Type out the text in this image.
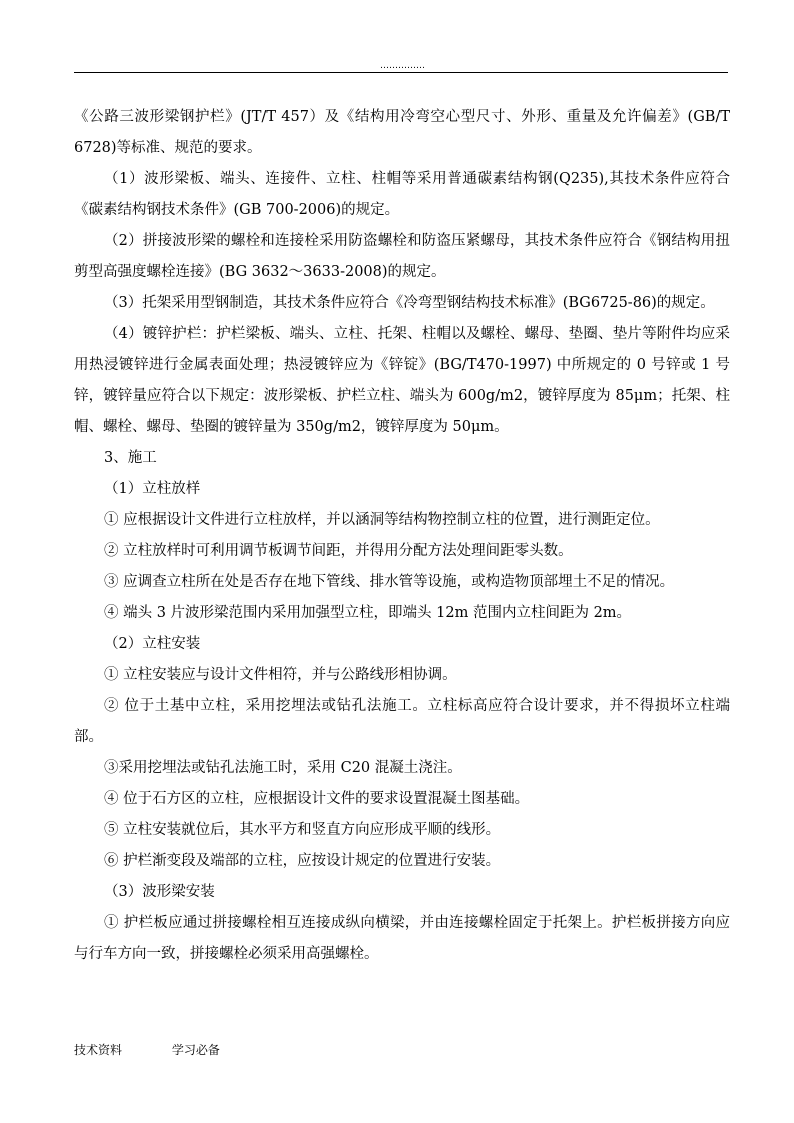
……………

《公路三波形梁钢护栏》(JT/T 457）及《结构用冷弯空心型尺寸、外形、重量及允许偏差》(GB/T 6728)等标准、规范的要求。

（1）波形梁板、端头、连接件、立柱、柱帽等采用普通碳素结构钢(Q235),其技术条件应符合《碳素结构钢技术条件》(GB 700-2006)的规定。

（2）拼接波形梁的螺栓和连接栓采用防盗螺栓和防盗压紧螺母，其技术条件应符合《钢结构用扭剪型高强度螺栓连接》(BG 3632～3633-2008)的规定。

（3）托架采用型钢制造，其技术条件应符合《冷弯型钢结构技术标准》(BG6725-86)的规定。

（4）镀锌护栏：护栏梁板、端头、立柱、托架、柱帽以及螺栓、螺母、垫圈、垫片等附件均应采用热浸镀锌进行金属表面处理；热浸镀锌应为《锌锭》(BG/T470-1997) 中所规定的 0 号锌或 1 号锌，镀锌量应符合以下规定：波形梁板、护栏立柱、端头为 600g/m2，镀锌厚度为 85μm；托架、柱帽、螺栓、螺母、垫圈的镀锌量为 350g/m2，镀锌厚度为 50μm。

3、施工

（1）立柱放样

① 应根据设计文件进行立柱放样，并以涵洞等结构物控制立柱的位置，进行测距定位。

② 立柱放样时可利用调节板调节间距，并得用分配方法处理间距零头数。

③ 应调查立柱所在处是否存在地下管线、排水管等设施，或构造物顶部埋土不足的情况。

④ 端头 3 片波形梁范围内采用加强型立柱，即端头 12m 范围内立柱间距为 2m。

（2）立柱安装

① 立柱安装应与设计文件相符，并与公路线形相协调。

② 位于土基中立柱，采用挖埋法或钻孔法施工。立柱标高应符合设计要求，并不得损坏立柱端部。

③采用挖埋法或钻孔法施工时，采用 C20 混凝土浇注。

④ 位于石方区的立柱，应根据设计文件的要求设置混凝土图基础。

⑤ 立柱安装就位后，其水平方和竖直方向应形成平顺的线形。

⑥ 护栏渐变段及端部的立柱，应按设计规定的位置进行安装。

（3）波形梁安装

① 护栏板应通过拼接螺栓相互连接成纵向横梁，并由连接螺栓固定于托架上。护栏板拼接方向应与行车方向一致，拼接螺栓必须采用高强螺栓。

技术资料	学习必备
